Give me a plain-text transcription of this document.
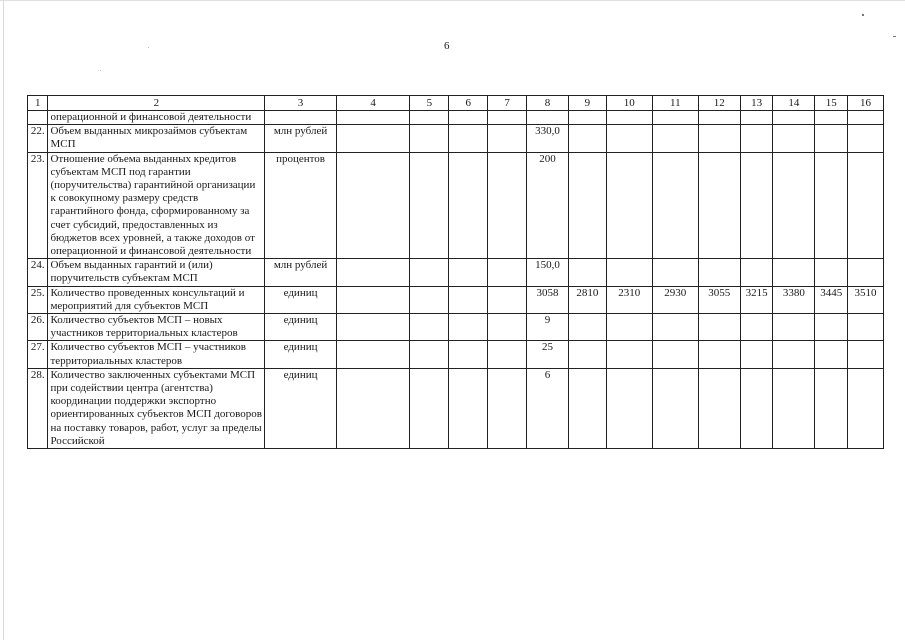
6
1	2	3	4	5	6	7	8	9	10	11	12	13	14	15	16
	операционной и финансовой деятельности														
22.	Объем выданных микрозаймов субъектам МСП	млн рублей					330,0								
23.	Отношение объема выданных кредитов субъектам МСП под гарантии (поручительства) гарантийной организации к совокупному размеру средств гарантийного фонда, сформированному за счет субсидий, предоставленных из бюджетов всех уровней, а также доходов от операционной и финансовой деятельности	процентов					200								
24.	Объем выданных гарантий и (или) поручительств субъектам МСП	млн рублей					150,0								
25.	Количество проведенных консультаций и мероприятий для субъектов МСП	единиц					3058	2810	2310	2930	3055	3215	3380	3445	3510
26.	Количество субъектов МСП – новых участников территориальных кластеров	единиц					9								
27.	Количество субъектов МСП – участников территориальных кластеров	единиц					25								
28.	Количество заключенных субъектами МСП при содействии центра (агентства) координации поддержки экспортно ориентированных субъектов МСП договоров на поставку товаров, работ, услуг за пределы Российской	единиц					6								
